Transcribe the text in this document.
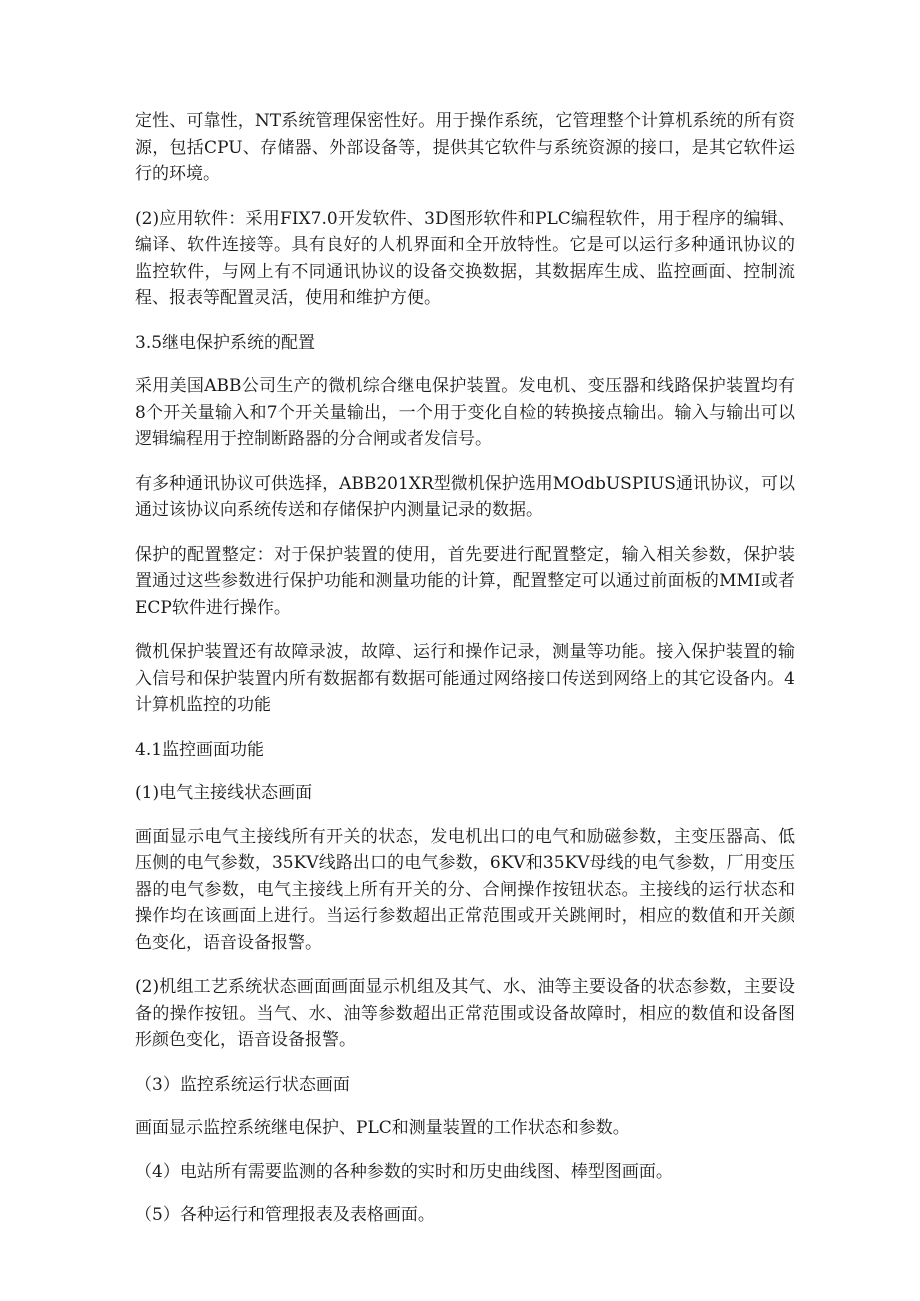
定性、可靠性，NT系统管理保密性好。用于操作系统，它管理整个计算机系统的所有资源，包括CPU、存储器、外部设备等，提供其它软件与系统资源的接口，是其它软件运行的环境。

(2)应用软件：采用FIX7.0开发软件、3D图形软件和PLC编程软件，用于程序的编辑、编译、软件连接等。具有良好的人机界面和全开放特性。它是可以运行多种通讯协议的监控软件，与网上有不同通讯协议的设备交换数据，其数据库生成、监控画面、控制流程、报表等配置灵活，使用和维护方便。

3.5继电保护系统的配置

采用美国ABB公司生产的微机综合继电保护装置。发电机、变压器和线路保护装置均有8个开关量输入和7个开关量输出，一个用于变化自检的转换接点输出。输入与输出可以逻辑编程用于控制断路器的分合闸或者发信号。

有多种通讯协议可供选择，ABB201XR型微机保护选用MOdbUSPIUS通讯协议，可以通过该协议向系统传送和存储保护内测量记录的数据。

保护的配置整定：对于保护装置的使用，首先要进行配置整定，输入相关参数，保护装置通过这些参数进行保护功能和测量功能的计算，配置整定可以通过前面板的MMI或者ECP软件进行操作。

微机保护装置还有故障录波，故障、运行和操作记录，测量等功能。接入保护装置的输入信号和保护装置内所有数据都有数据可能通过网络接口传送到网络上的其它设备内。4计算机监控的功能

4.1监控画面功能

(1)电气主接线状态画面

画面显示电气主接线所有开关的状态，发电机出口的电气和励磁参数，主变压器高、低压侧的电气参数，35KV线路出口的电气参数，6KV和35KV母线的电气参数，厂用变压器的电气参数，电气主接线上所有开关的分、合闸操作按钮状态。主接线的运行状态和操作均在该画面上进行。当运行参数超出正常范围或开关跳闸时，相应的数值和开关颜色变化，语音设备报警。

(2)机组工艺系统状态画面画面显示机组及其气、水、油等主要设备的状态参数，主要设备的操作按钮。当气、水、油等参数超出正常范围或设备故障时，相应的数值和设备图形颜色变化，语音设备报警。

（3）监控系统运行状态画面

画面显示监控系统继电保护、PLC和测量装置的工作状态和参数。

（4）电站所有需要监测的各种参数的实时和历史曲线图、棒型图画面。

（5）各种运行和管理报表及表格画面。
